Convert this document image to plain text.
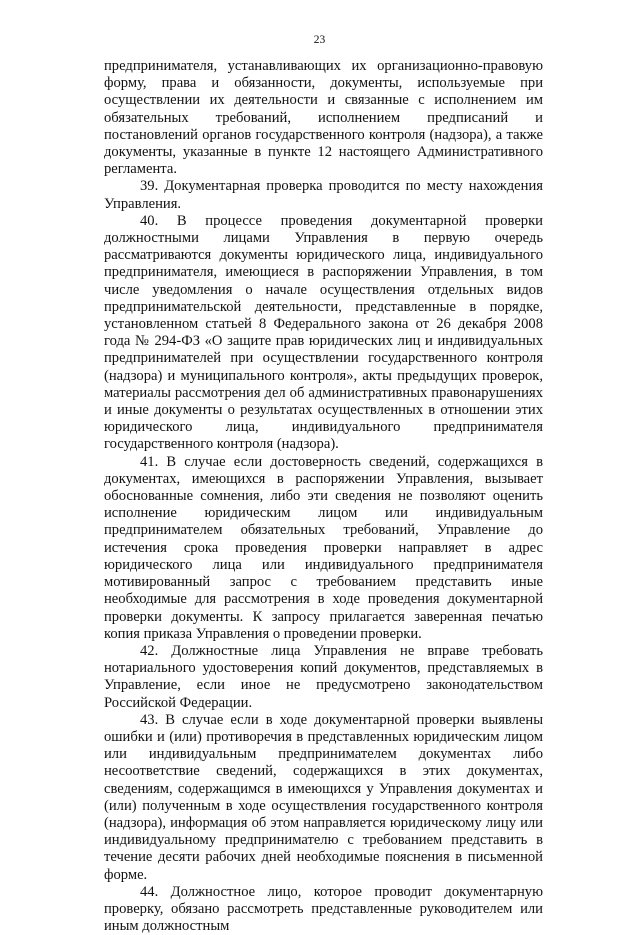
23

предпринимателя, устанавливающих их организационно-правовую форму, права и обязанности, документы, используемые при осуществлении их деятельности и связанные с исполнением им обязательных требований, исполнением предписаний и постановлений органов государственного контроля (надзора), а также документы, указанные в пункте 12 настоящего Административного регламента.

39. Документарная проверка проводится по месту нахождения Управления.

40. В процессе проведения документарной проверки должностными лицами Управления в первую очередь рассматриваются документы юридического лица, индивидуального предпринимателя, имеющиеся в распоряжении Управления, в том числе уведомления о начале осуществления отдельных видов предпринимательской деятельности, представленные в порядке, установленном статьей 8 Федерального закона от 26 декабря 2008 года № 294-ФЗ «О защите прав юридических лиц и индивидуальных предпринимателей при осуществлении государственного контроля (надзора) и муниципального контроля», акты предыдущих проверок, материалы рассмотрения дел об административных правонарушениях и иные документы о результатах осуществленных в отношении этих юридического лица, индивидуального предпринимателя государственного контроля (надзора).

41. В случае если достоверность сведений, содержащихся в документах, имеющихся в распоряжении Управления, вызывает обоснованные сомнения, либо эти сведения не позволяют оценить исполнение юридическим лицом или индивидуальным предпринимателем обязательных требований, Управление до истечения срока проведения проверки направляет в адрес юридического лица или индивидуального предпринимателя мотивированный запрос с требованием представить иные необходимые для рассмотрения в ходе проведения документарной проверки документы. К запросу прилагается заверенная печатью копия приказа Управления о проведении проверки.

42. Должностные лица Управления не вправе требовать нотариального удостоверения копий документов, представляемых в Управление, если иное не предусмотрено законодательством Российской Федерации.

43. В случае если в ходе документарной проверки выявлены ошибки и (или) противоречия в представленных юридическим лицом или индивидуальным предпринимателем документах либо несоответствие сведений, содержащихся в этих документах, сведениям, содержащимся в имеющихся у Управления документах и (или) полученным в ходе осуществления государственного контроля (надзора), информация об этом направляется юридическому лицу или индивидуальному предпринимателю с требованием представить в течение десяти рабочих дней необходимые пояснения в письменной форме.

44. Должностное лицо, которое проводит документарную проверку, обязано рассмотреть представленные руководителем или иным должностным
